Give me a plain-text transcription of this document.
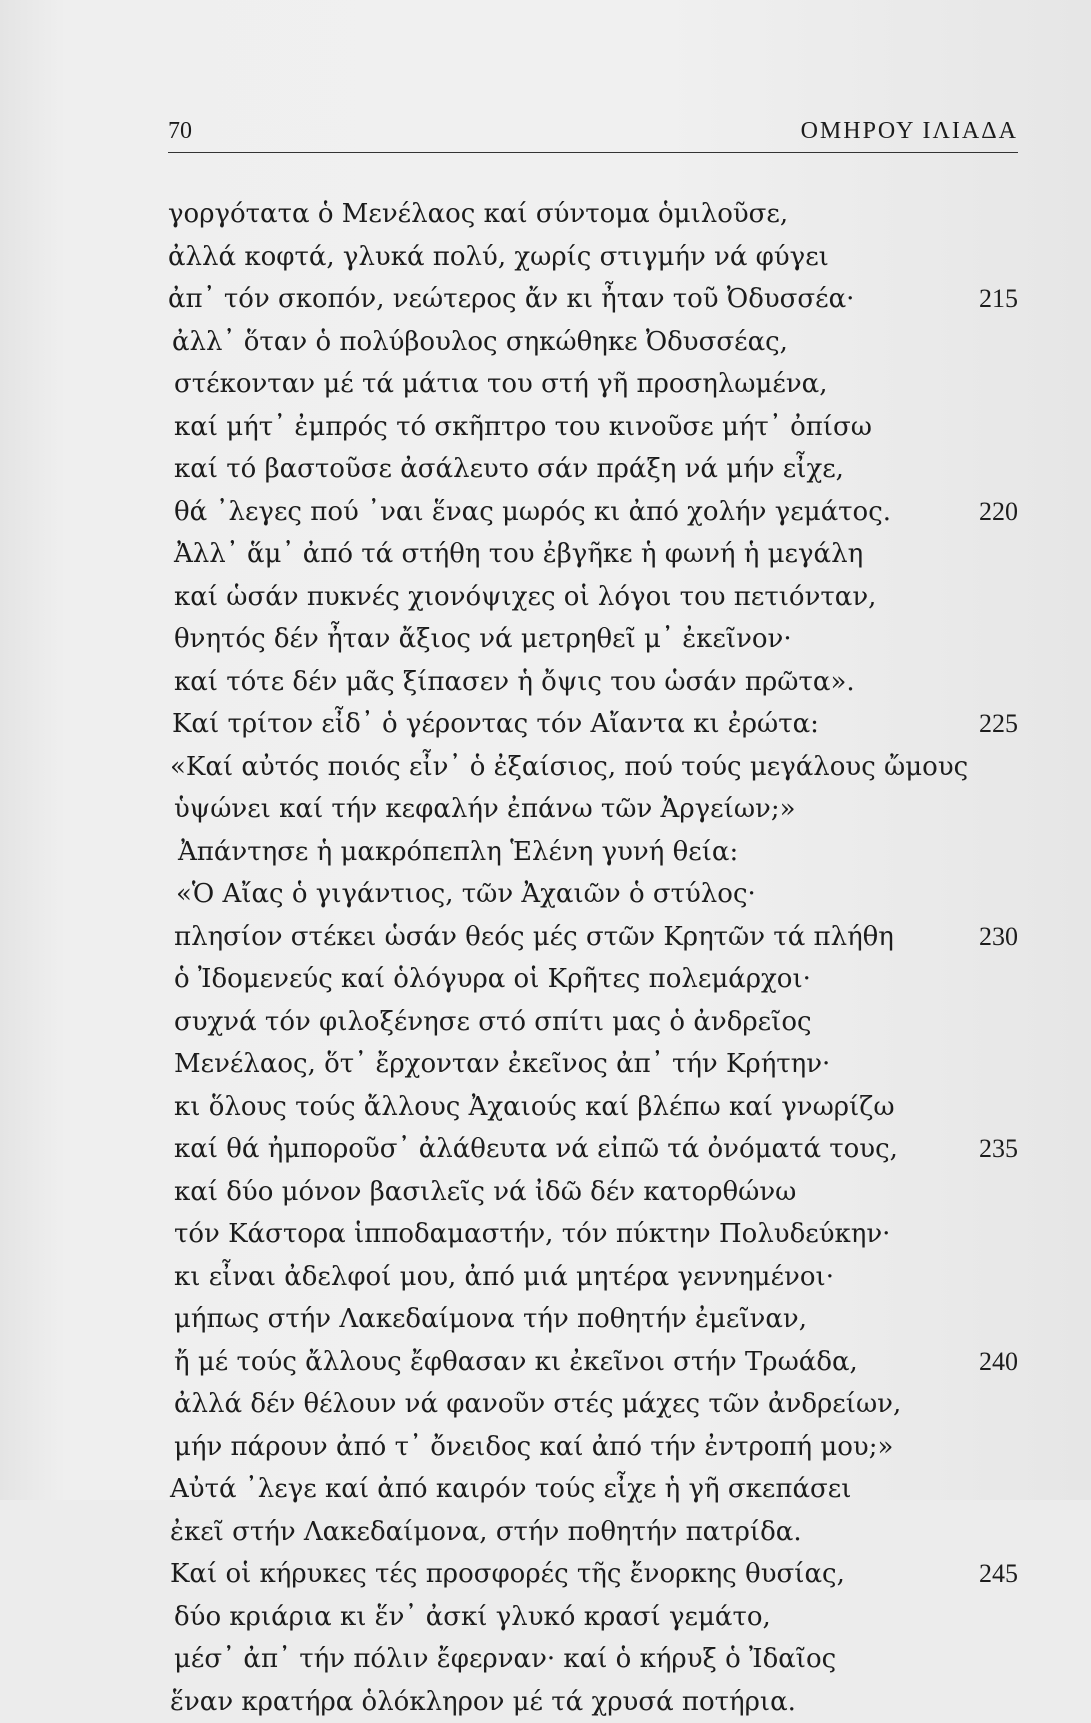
70	ΟΜΗΡΟΥ ΙΛΙΑΔΑ
γοργότατα ὁ Μενέλαος καί σύντομα ὁμιλοῦσε,
ἀλλά κοφτά, γλυκά πολύ, χωρίς στιγμήν νά φύγει
ἀπ᾽ τόν σκοπόν, νεώτερος ἄν κι ἦταν τοῦ Ὀδυσσέα·	215
ἀλλ᾽ ὅταν ὁ πολύβουλος σηκώθηκε Ὀδυσσέας,
στέκονταν μέ τά μάτια του στή γῆ προσηλωμένα,
καί μήτ᾽ ἐμπρός τό σκῆπτρο του κινοῦσε μήτ᾽ ὀπίσω
καί τό βαστοῦσε ἀσάλευτο σάν πράξη νά μήν εἶχε,
θά ᾽λεγες πού ᾽ναι ἕνας μωρός κι ἀπό χολήν γεμάτος.	220
Ἀλλ᾽ ἅμ᾽ ἀπό τά στήθη του ἐβγῆκε ἡ φωνή ἡ μεγάλη
καί ὡσάν πυκνές χιονόψιχες οἱ λόγοι του πετιόνταν,
θνητός δέν ἦταν ἄξιος νά μετρηθεῖ μ᾽ ἐκεῖνον·
καί τότε δέν μᾶς ξίπασεν ἡ ὄψις του ὡσάν πρῶτα».
Καί τρίτον εἶδ᾽ ὁ γέροντας τόν Αἴαντα κι ἐρώτα:	225
«Καί αὐτός ποιός εἶν᾽ ὁ ἐξαίσιος, πού τούς μεγάλους ὤμους
ὑψώνει καί τήν κεφαλήν ἐπάνω τῶν Ἀργείων;»
Ἀπάντησε ἡ μακρόπεπλη Ἑλένη γυνή θεία:
«Ὁ Αἴας ὁ γιγάντιος, τῶν Ἀχαιῶν ὁ στύλος·
πλησίον στέκει ὡσάν θεός μές στῶν Κρητῶν τά πλήθη	230
ὁ Ἰδομενεύς καί ὁλόγυρα οἱ Κρῆτες πολεμάρχοι·
συχνά τόν φιλοξένησε στό σπίτι μας ὁ ἀνδρεῖος
Μενέλαος, ὅτ᾽ ἔρχονταν ἐκεῖνος ἀπ᾽ τήν Κρήτην·
κι ὅλους τούς ἄλλους Ἀχαιούς καί βλέπω καί γνωρίζω
καί θά ἠμποροῦσ᾽ ἀλάθευτα νά εἰπῶ τά ὀνόματά τους,	235
καί δύο μόνον βασιλεῖς νά ἰδῶ δέν κατορθώνω
τόν Κάστορα ἱπποδαμαστήν, τόν πύκτην Πολυδεύκην·
κι εἶναι ἀδελφοί μου, ἀπό μιά μητέρα γεννημένοι·
μήπως στήν Λακεδαίμονα τήν ποθητήν ἐμεῖναν,
ἤ μέ τούς ἄλλους ἔφθασαν κι ἐκεῖνοι στήν Τρωάδα,	240
ἀλλά δέν θέλουν νά φανοῦν στές μάχες τῶν ἀνδρείων,
μήν πάρουν ἀπό τ᾽ ὄνειδος καί ἀπό τήν ἐντροπή μου;»
Αὐτά ᾽λεγε καί ἀπό καιρόν τούς εἶχε ἡ γῆ σκεπάσει
ἐκεῖ στήν Λακεδαίμονα, στήν ποθητήν πατρίδα.
Καί οἱ κήρυκες τές προσφορές τῆς ἔνορκης θυσίας,	245
δύο κριάρια κι ἕν᾽ ἀσκί γλυκό κρασί γεμάτο,
μέσ᾽ ἀπ᾽ τήν πόλιν ἔφερναν· καί ὁ κήρυξ ὁ Ἰδαῖος
ἕναν κρατήρα ὁλόκληρον μέ τά χρυσά ποτήρια.
